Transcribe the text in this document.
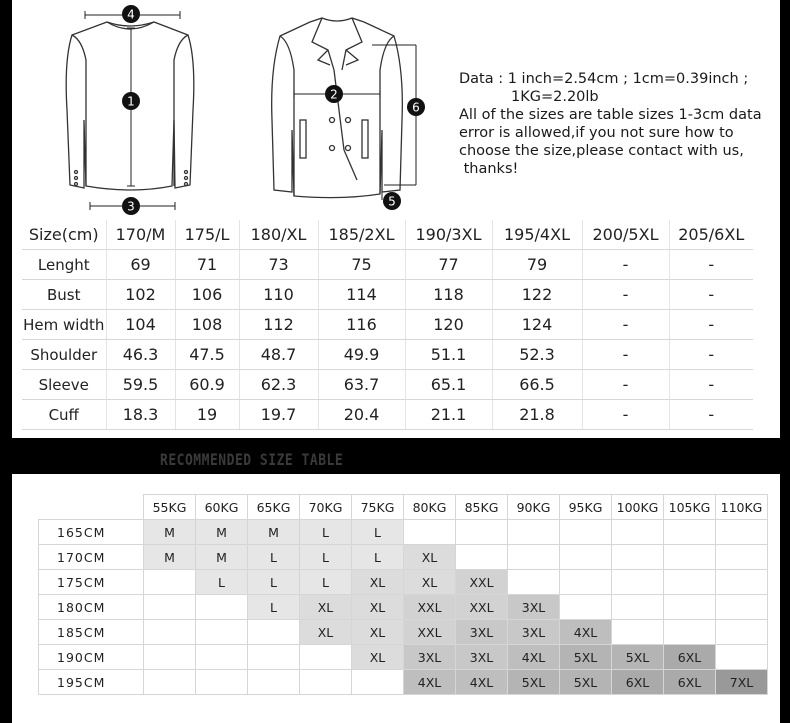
4
1
3
2
6
5
Data : 1 inch=2.54cm ; 1cm=0.39inch ;
1KG=2.20lb
All of the sizes are table sizes 1-3cm data
error is allowed,if you not sure how to
choose the size,please contact with us,
thanks!
Size(cm)	170/M	175/L	180/XL	185/2XL	190/3XL	195/4XL	200/5XL	205/6XL
Lenght	69	71	73	75	77	79	-	-
Bust	102	106	110	114	118	122	-	-
Hem width	104	108	112	116	120	124	-	-
Shoulder	46.3	47.5	48.7	49.9	51.1	52.3	-	-
Sleeve	59.5	60.9	62.3	63.7	65.1	66.5	-	-
Cuff	18.3	19	19.7	20.4	21.1	21.8	-	-
RECOMMENDED SIZE TABLE
	55KG	60KG	65KG	70KG	75KG	80KG	85KG	90KG	95KG	100KG	105KG	110KG
165CM	M	M	M	L	L							
170CM	M	M	L	L	L	XL						
175CM		L	L	L	XL	XL	XXL					
180CM			L	XL	XL	XXL	XXL	3XL				
185CM				XL	XL	XXL	3XL	3XL	4XL			
190CM					XL	3XL	3XL	4XL	5XL	5XL	6XL	
195CM						4XL	4XL	5XL	5XL	6XL	6XL	7XL
